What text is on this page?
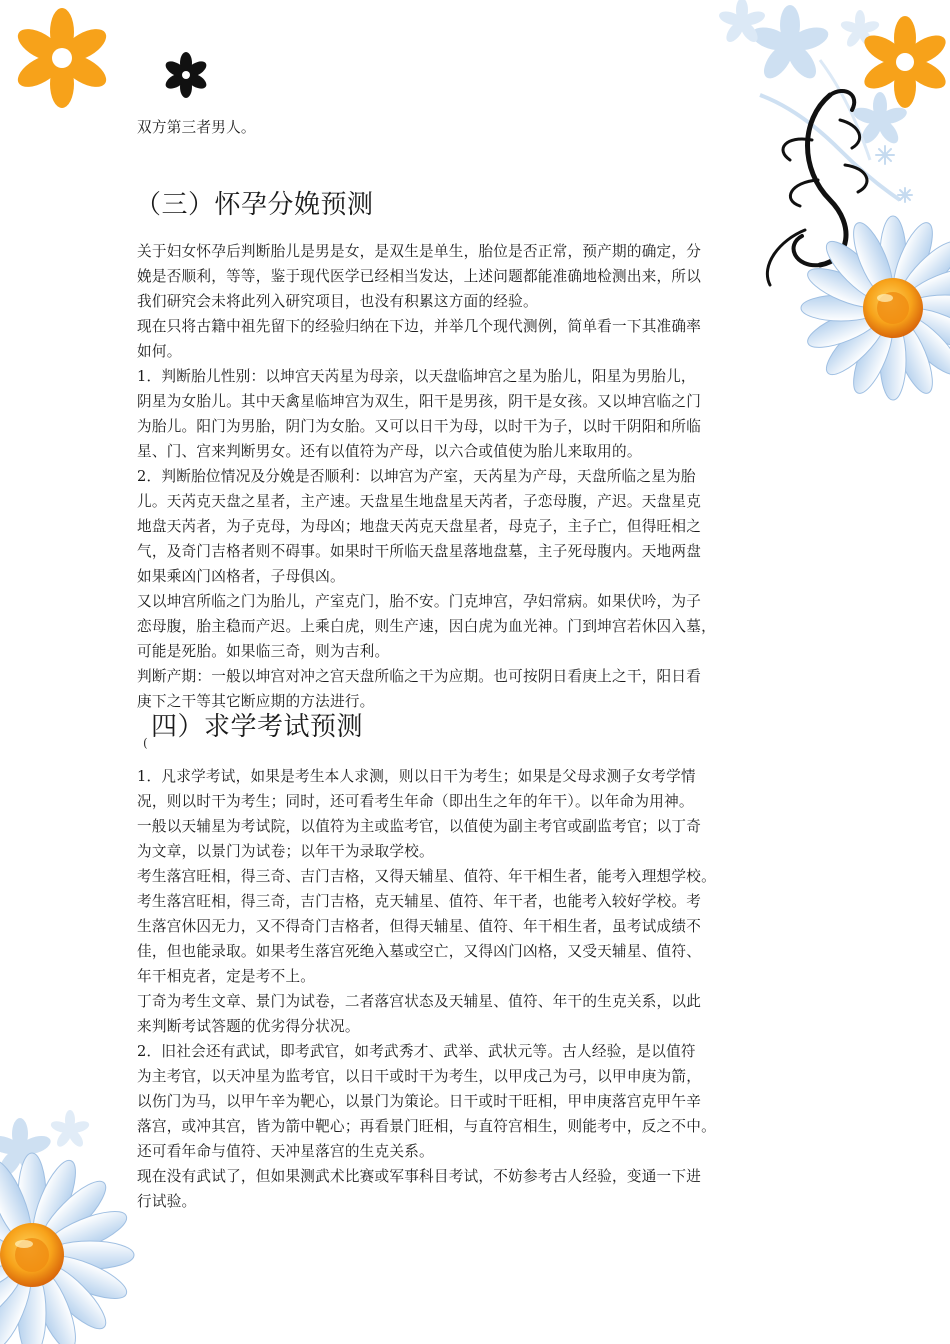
双方第三者男人。
（三）怀孕分娩预测
关于妇女怀孕后判断胎儿是男是女，是双生是单生，胎位是否正常，预产期的确定，分
娩是否顺利，等等，鉴于现代医学已经相当发达，上述问题都能准确地检测出来，所以
我们研究会未将此列入研究项目，也没有积累这方面的经验。
现在只将古籍中祖先留下的经验归纳在下边，并举几个现代测例，简单看一下其准确率
如何。
1．判断胎儿性别：以坤宫天芮星为母亲，以天盘临坤宫之星为胎儿，阳星为男胎儿，
阴星为女胎儿。其中天禽星临坤宫为双生，阳干是男孩，阴干是女孩。又以坤宫临之门
为胎儿。阳门为男胎，阴门为女胎。又可以日干为母，以时干为子，以时干阴阳和所临
星、门、宫来判断男女。还有以值符为产母，以六合或值使为胎儿来取用的。
2．判断胎位情况及分娩是否顺利：以坤宫为产室，天芮星为产母，天盘所临之星为胎
儿。天芮克天盘之星者，主产速。天盘星生地盘星天芮者，子恋母腹，产迟。天盘星克
地盘天芮者，为子克母，为母凶；地盘天芮克天盘星者，母克子，主子亡，但得旺相之
气，及奇门吉格者则不碍事。如果时干所临天盘星落地盘墓，主子死母腹内。天地两盘
如果乘凶门凶格者，子母俱凶。
又以坤宫所临之门为胎儿，产室克门，胎不安。门克坤宫，孕妇常病。如果伏吟，为子
恋母腹，胎主稳而产迟。上乘白虎，则生产速，因白虎为血光神。门到坤宫若休囚入墓，
可能是死胎。如果临三奇，则为吉利。
判断产期：一般以坤宫对冲之宫天盘所临之干为应期。也可按阴日看庚上之干，阳日看
庚下之干等其它断应期的方法进行。
(
四）求学考试预测
1．凡求学考试，如果是考生本人求测，则以日干为考生；如果是父母求测子女考学情
况，则以时干为考生；同时，还可看考生年命（即出生之年的年干）。以年命为用神。
一般以天辅星为考试院，以值符为主或监考官，以值使为副主考官或副监考官；以丁奇
为文章，以景门为试卷；以年干为录取学校。
考生落宫旺相，得三奇、吉门吉格，又得天辅星、值符、年干相生者，能考入理想学校。
考生落宫旺相，得三奇，吉门吉格，克天辅星、值符、年干者，也能考入较好学校。考
生落宫休囚无力，又不得奇门吉格者，但得天辅星、值符、年干相生者，虽考试成绩不
佳，但也能录取。如果考生落宫死绝入墓或空亡，又得凶门凶格，又受天辅星、值符、
年干相克者，定是考不上。
丁奇为考生文章、景门为试卷，二者落宫状态及天辅星、值符、年干的生克关系，以此
来判断考试答题的优劣得分状况。
2．旧社会还有武试，即考武官，如考武秀才、武举、武状元等。古人经验，是以值符
为主考官，以天冲星为监考官，以日干或时干为考生，以甲戌己为弓，以甲申庚为箭，
以伤门为马，以甲午辛为靶心，以景门为策论。日干或时干旺相，甲申庚落宫克甲午辛
落宫，或冲其宫，皆为箭中靶心；再看景门旺相，与直符宫相生，则能考中，反之不中。
还可看年命与值符、天冲星落宫的生克关系。
现在没有武试了，但如果测武术比赛或军事科目考试，不妨参考古人经验，变通一下进
行试验。
